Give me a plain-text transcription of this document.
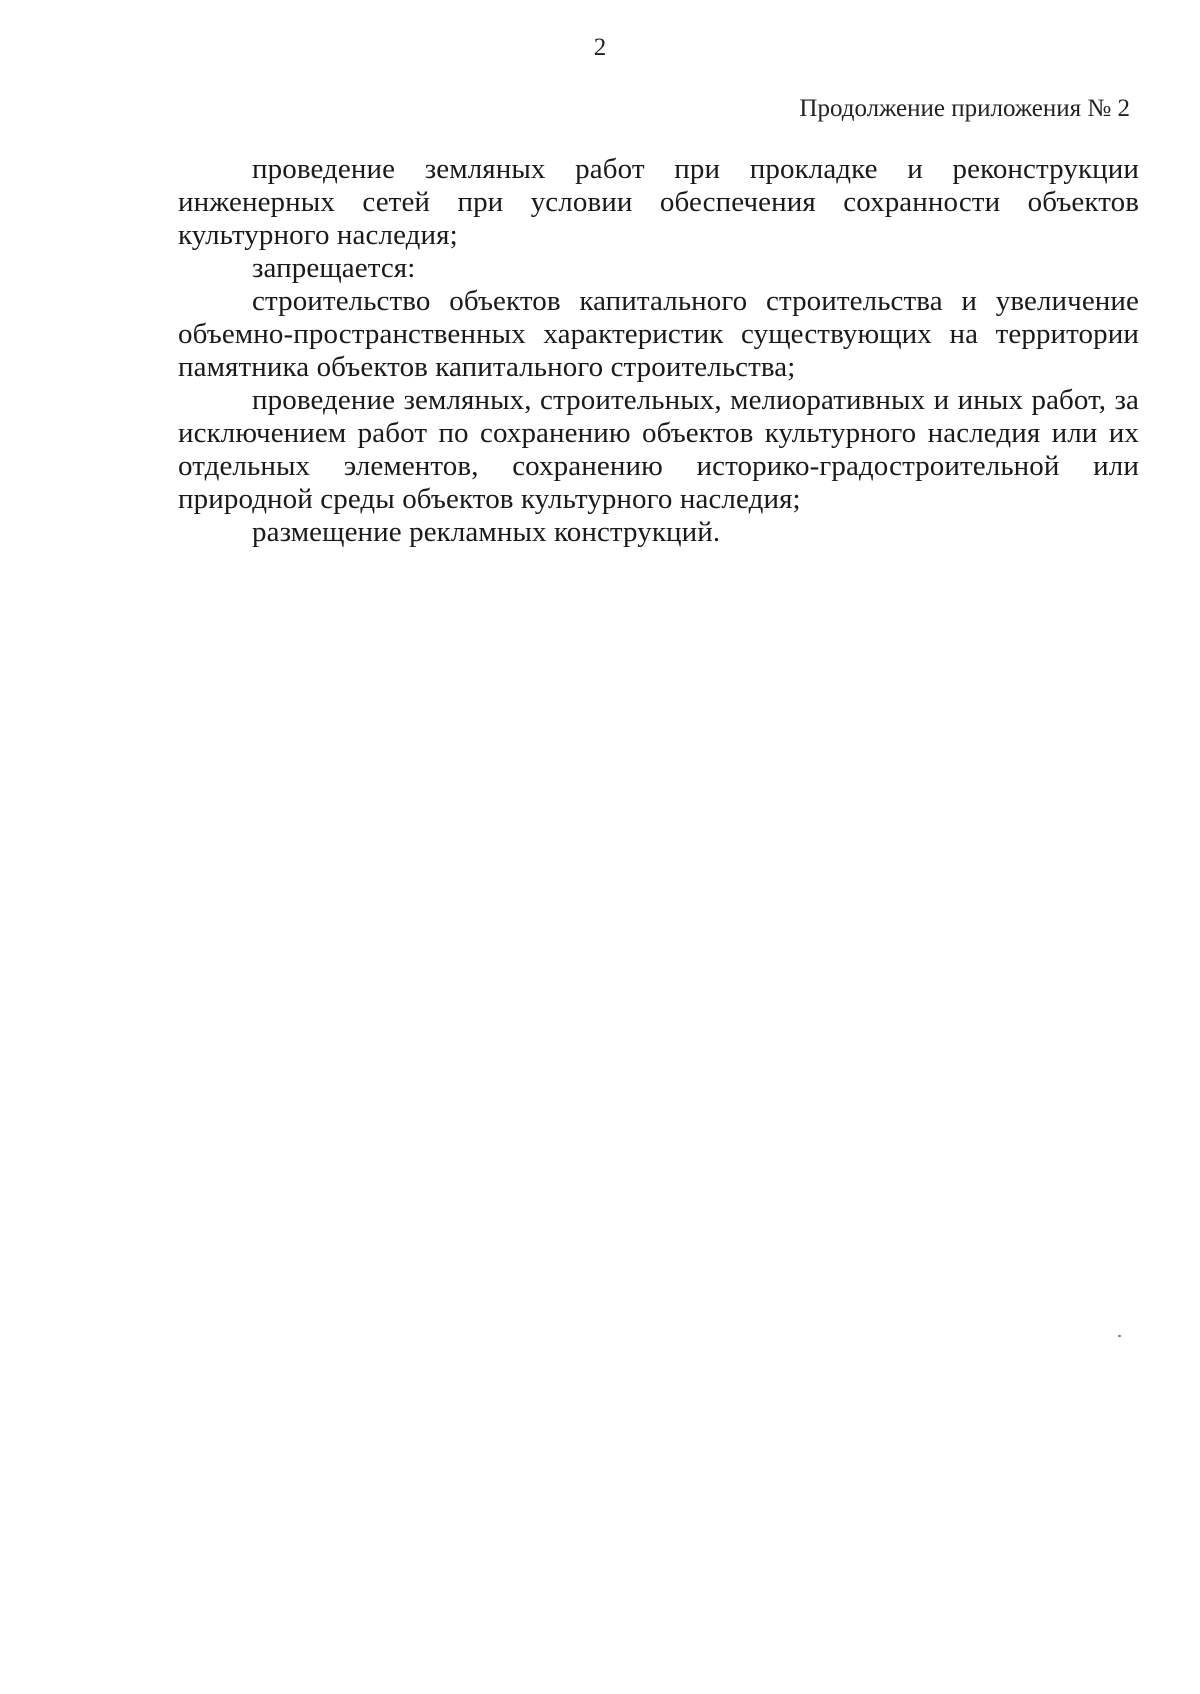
2
Продолжение приложения № 2

проведение земляных работ при прокладке и реконструкции инженерных сетей при условии обеспечения сохранности объектов культурного наследия;

запрещается:

строительство объектов капитального строительства и увеличение объемно-пространственных характеристик существующих на территории памятника объектов капитального строительства;

проведение земляных, строительных, мелиоративных и иных работ, за исключением работ по сохранению объектов культурного наследия или их отдельных элементов, сохранению историко-градостроительной или природной среды объектов культурного наследия;

размещение рекламных конструкций.
